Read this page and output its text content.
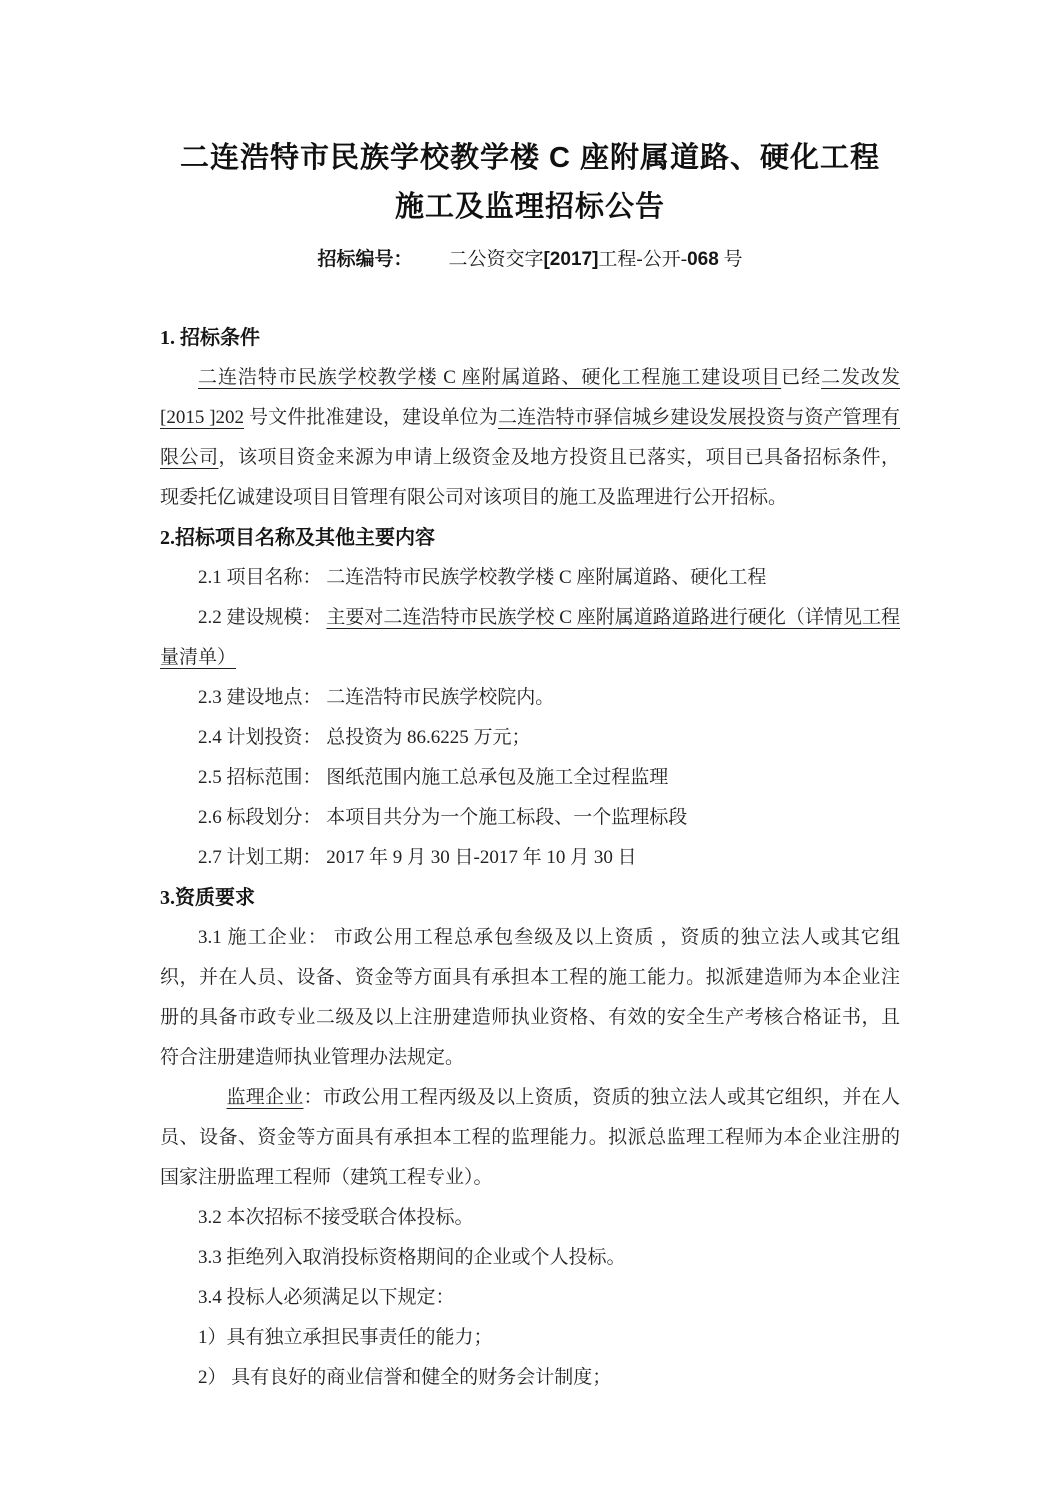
二连浩特市民族学校教学楼 C 座附属道路、硬化工程
施工及监理招标公告
招标编号： 二公资交字[2017]工程-公开-068 号

1. 招标条件

二连浩特市民族学校教学楼 C 座附属道路、硬化工程施工建设项目已经二发改发 [2015 ]202 号文件批准建设，建设单位为二连浩特市驿信城乡建设发展投资与资产管理有限公司，该项目资金来源为申请上级资金及地方投资且已落实，项目已具备招标条件，现委托亿诚建设项目目管理有限公司对该项目的施工及监理进行公开招标。

2.招标项目名称及其他主要内容

2.1 项目名称： 二连浩特市民族学校教学楼 C 座附属道路、硬化工程

2.2 建设规模： 主要对二连浩特市民族学校 C 座附属道路道路进行硬化（详情见工程量清单）

2.3 建设地点： 二连浩特市民族学校院内。

2.4 计划投资： 总投资为 86.6225 万元；

2.5 招标范围： 图纸范围内施工总承包及施工全过程监理

2.6 标段划分： 本项目共分为一个施工标段、一个监理标段

2.7 计划工期： 2017 年 9 月 30 日-2017 年 10 月 30 日

3.资质要求

3.1 施工企业： 市政公用工程总承包叁级及以上资质 ，资质的独立法人或其它组织，并在人员、设备、资金等方面具有承担本工程的施工能力。拟派建造师为本企业注册的具备市政专业二级及以上注册建造师执业资格、有效的安全生产考核合格证书，且符合注册建造师执业管理办法规定。

监理企业：市政公用工程丙级及以上资质，资质的独立法人或其它组织，并在人员、设备、资金等方面具有承担本工程的监理能力。拟派总监理工程师为本企业注册的国家注册监理工程师（建筑工程专业）。

3.2 本次招标不接受联合体投标。

3.3 拒绝列入取消投标资格期间的企业或个人投标。

3.4 投标人必须满足以下规定：

1）具有独立承担民事责任的能力；

2） 具有良好的商业信誉和健全的财务会计制度；
